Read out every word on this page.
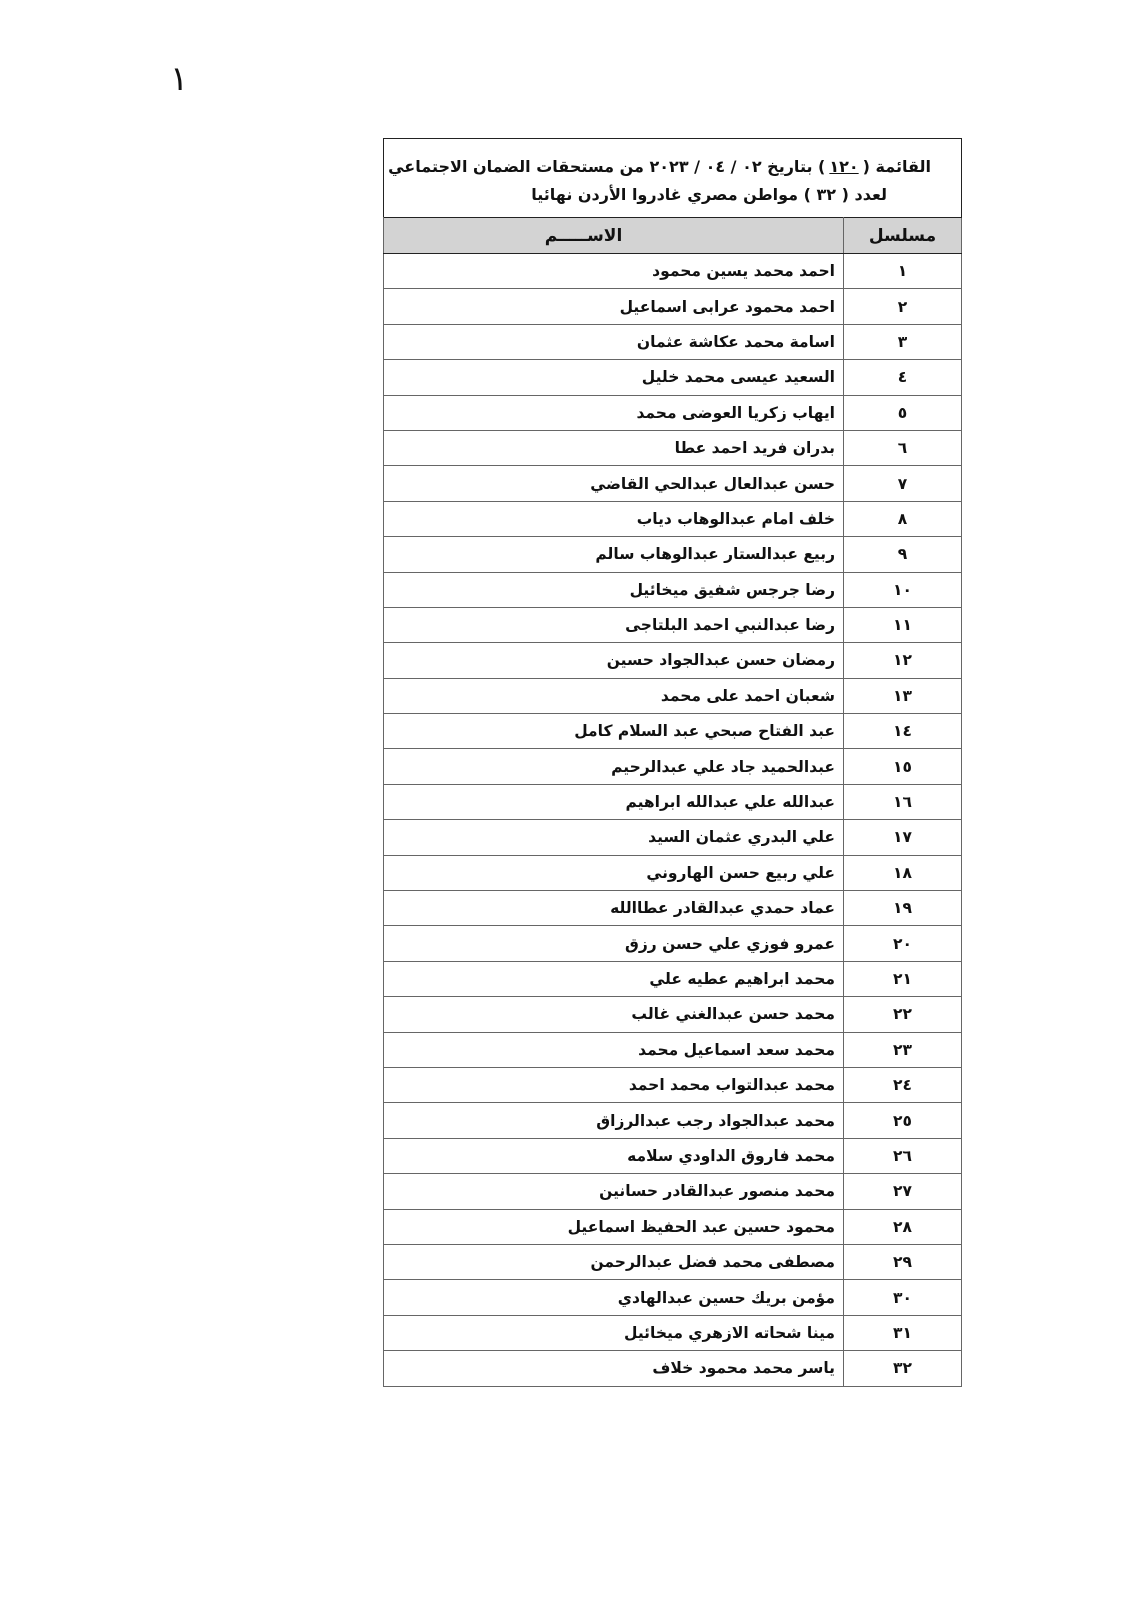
١
القائمة (١٢٠) بتاريخ ٠٢ / ٠٤ / ٢٠٢٣ من مستحقات الضمان الاجتماعي
لعدد ( ٣٢ ) مواطن مصري غادروا الأردن نهائيا
مسلسل	الاســـــم
١	احمد محمد يسين محمود
٢	احمد محمود عرابى اسماعيل
٣	اسامة محمد عكاشة عثمان
٤	السعيد عيسى محمد خليل
٥	ايهاب زكريا العوضى محمد
٦	بدران فريد احمد عطا
٧	حسن عبدالعال عبدالحي القاضي
٨	خلف امام عبدالوهاب دياب
٩	ربيع عبدالستار عبدالوهاب سالم
١٠	رضا جرجس شفيق ميخائيل
١١	رضا عبدالنبي احمد البلتاجى
١٢	رمضان حسن عبدالجواد حسين
١٣	شعبان احمد على محمد
١٤	عبد الفتاح صبحي عبد السلام كامل
١٥	عبدالحميد جاد علي عبدالرحيم
١٦	عبدالله علي عبدالله ابراهيم
١٧	علي البدري عثمان السيد
١٨	علي ربيع حسن الهاروني
١٩	عماد حمدي عبدالقادر عطاالله
٢٠	عمرو فوزي علي حسن رزق
٢١	محمد ابراهيم عطيه علي
٢٢	محمد حسن عبدالغني غالب
٢٣	محمد سعد اسماعيل محمد
٢٤	محمد عبدالتواب محمد احمد
٢٥	محمد عبدالجواد رجب عبدالرزاق
٢٦	محمد فاروق الداودي سلامه
٢٧	محمد منصور عبدالقادر حسانين
٢٨	محمود حسين عبد الحفيظ اسماعيل
٢٩	مصطفى محمد فضل عبدالرحمن
٣٠	مؤمن بريك حسين عبدالهادي
٣١	مينا شحاته الازهري ميخائيل
٣٢	ياسر محمد محمود خلاف
